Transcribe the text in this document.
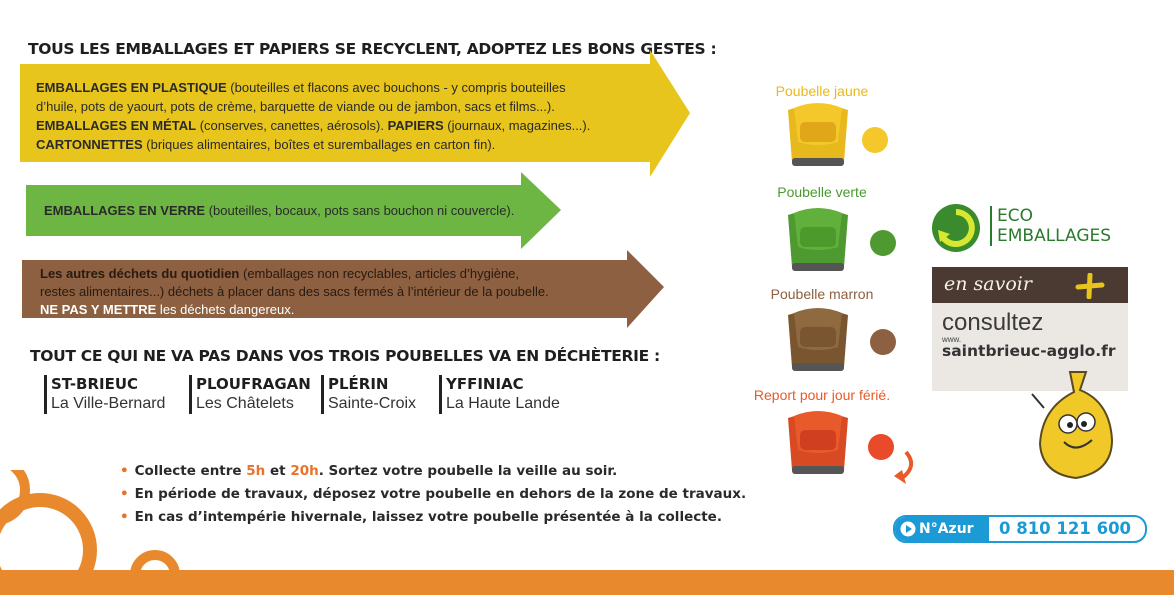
TOUS LES EMBALLAGES ET PAPIERS SE RECYCLENT, ADOPTEZ LES BONS GESTES :
EMBALLAGES EN PLASTIQUE (bouteilles et flacons avec bouchons - y compris bouteilles
d’huile, pots de yaourt, pots de crème, barquette de viande ou de jambon, sacs et films...).
EMBALLAGES EN MÉTAL (conserves, canettes, aérosols). PAPIERS (journaux, magazines...).
CARTONNETTES (briques alimentaires, boîtes et suremballages en carton fin).
EMBALLAGES EN VERRE (bouteilles, bocaux, pots sans bouchon ni couvercle).
Les autres déchets du quotidien (emballages non recyclables, articles d’hygiène,
restes alimentaires...) déchets à placer dans des sacs fermés à l’intérieur de la poubelle.
NE PAS Y METTRE les déchets dangereux.
TOUT CE QUI NE VA PAS DANS VOS TROIS POUBELLES VA EN DÉCHÈTERIE :
ST-BRIEUC
La Ville-Bernard
PLOUFRAGAN
Les Châtelets
PLÉRIN
Sainte-Croix
YFFINIAC
La Haute Lande
• Collecte entre 5h et 20h. Sortez votre poubelle la veille au soir.
• En période de travaux, déposez votre poubelle en dehors de la zone de travaux.
• En cas d’intempérie hivernale, laissez votre poubelle présentée à la collecte.
Poubelle jaune
Poubelle verte
Poubelle marron
Report pour jour férié.
ECO
EMBALLAGES
en savoir
consultez
www.
saintbrieuc-agglo.fr
N°Azur	0 810 121 600
